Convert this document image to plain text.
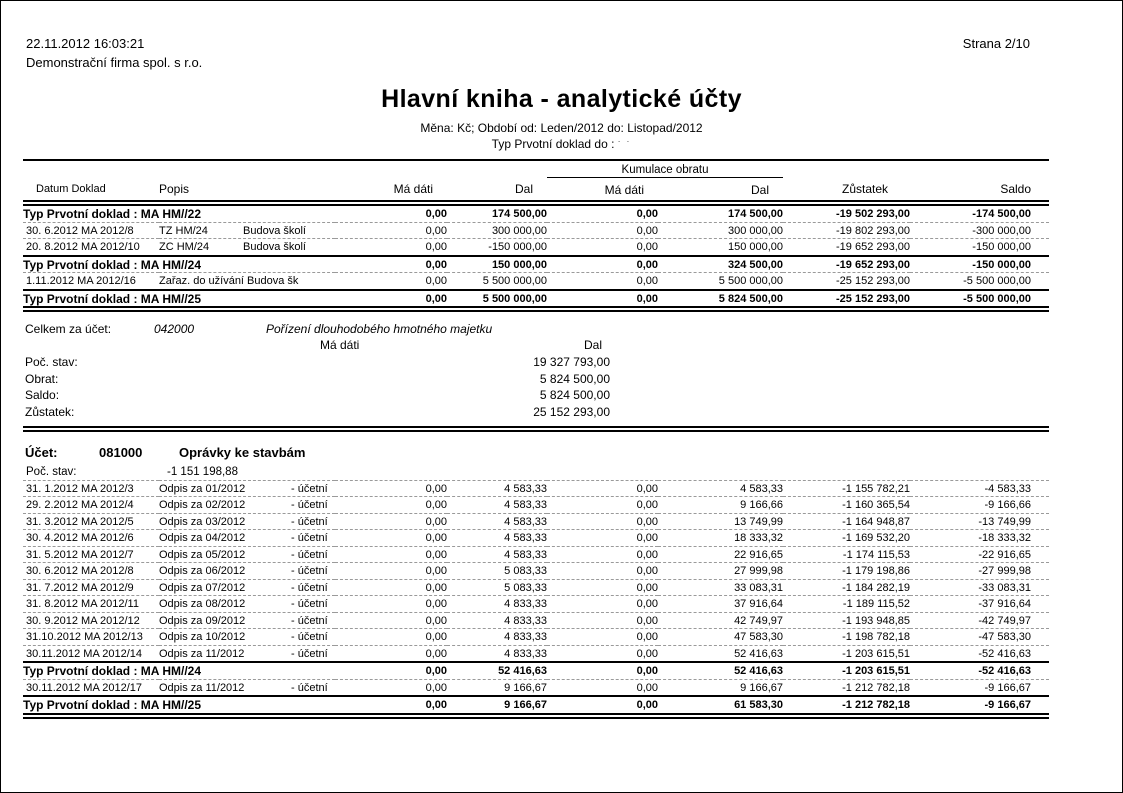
22.11.2012 16:03:21
Demonstrační firma spol. s r.o.
Strana 2/10
Hlavní kniha - analytické účty
Měna: Kč; Období od: Leden/2012 do: Listopad/2012
Typ Prvotní doklad do : · ·
				Kumulace obratu			
Datum Doklad	Popis	Má dáti	Dal	Má dáti	Dal	Zůstatek	Saldo
Typ Prvotní doklad : MA HM//22		0,00	174 500,00	0,00	174 500,00	-19 502 293,00	-174 500,00
30. 6.2012 MA 2012/8	TZ HM/24 Budova školí	0,00	300 000,00	0,00	300 000,00	-19 802 293,00	-300 000,00
20. 8.2012 MA 2012/10	ZC HM/24 Budova školí	0,00	-150 000,00	0,00	150 000,00	-19 652 293,00	-150 000,00
Typ Prvotní doklad : MA HM//24		0,00	150 000,00	0,00	324 500,00	-19 652 293,00	-150 000,00
1.11.2012 MA 2012/16	Zařaz. do užívání Budova šk	0,00	5 500 000,00	0,00	5 500 000,00	-25 152 293,00	-5 500 000,00
Typ Prvotní doklad : MA HM//25		0,00	5 500 000,00	0,00	5 824 500,00	-25 152 293,00	-5 500 000,00
Celkem za účet:	042000	Pořízení dlouhodobého hmotného majetku
Má dáti	Dal
Poč. stav:	19 327 793,00
Obrat:	5 824 500,00
Saldo:	5 824 500,00
Zůstatek:	25 152 293,00
Účet:	081000	Oprávky ke stavbám
Poč. stav:	-1 151 198,88						
31. 1.2012 MA 2012/3	Odpis za 01/2012 - účetní	0,00	4 583,33	0,00	4 583,33	-1 155 782,21	-4 583,33
29. 2.2012 MA 2012/4	Odpis za 02/2012 - účetní	0,00	4 583,33	0,00	9 166,66	-1 160 365,54	-9 166,66
31. 3.2012 MA 2012/5	Odpis za 03/2012 - účetní	0,00	4 583,33	0,00	13 749,99	-1 164 948,87	-13 749,99
30. 4.2012 MA 2012/6	Odpis za 04/2012 - účetní	0,00	4 583,33	0,00	18 333,32	-1 169 532,20	-18 333,32
31. 5.2012 MA 2012/7	Odpis za 05/2012 - účetní	0,00	4 583,33	0,00	22 916,65	-1 174 115,53	-22 916,65
30. 6.2012 MA 2012/8	Odpis za 06/2012 - účetní	0,00	5 083,33	0,00	27 999,98	-1 179 198,86	-27 999,98
31. 7.2012 MA 2012/9	Odpis za 07/2012 - účetní	0,00	5 083,33	0,00	33 083,31	-1 184 282,19	-33 083,31
31. 8.2012 MA 2012/11	Odpis za 08/2012 - účetní	0,00	4 833,33	0,00	37 916,64	-1 189 115,52	-37 916,64
30. 9.2012 MA 2012/12	Odpis za 09/2012 - účetní	0,00	4 833,33	0,00	42 749,97	-1 193 948,85	-42 749,97
31.10.2012 MA 2012/13	Odpis za 10/2012 - účetní	0,00	4 833,33	0,00	47 583,30	-1 198 782,18	-47 583,30
30.11.2012 MA 2012/14	Odpis za 11/2012 - účetní	0,00	4 833,33	0,00	52 416,63	-1 203 615,51	-52 416,63
Typ Prvotní doklad : MA HM//24		0,00	52 416,63	0,00	52 416,63	-1 203 615,51	-52 416,63
30.11.2012 MA 2012/17	Odpis za 11/2012 - účetní	0,00	9 166,67	0,00	9 166,67	-1 212 782,18	-9 166,67
Typ Prvotní doklad : MA HM//25		0,00	9 166,67	0,00	61 583,30	-1 212 782,18	-9 166,67
